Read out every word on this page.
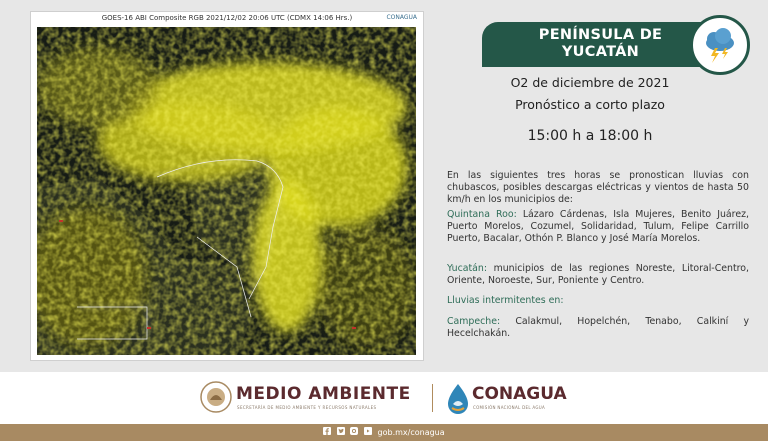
GOES-16 ABI Composite RGB 2021/12/02 20:06 UTC (CDMX 14:06 Hrs.)	CONAGUA
PENÍNSULA DE
YUCATÁN
O2 de diciembre de 2021
Pronóstico a corto plazo
15:00 h a 18:00 h
En las siguientes tres horas se pronostican lluvias con chubascos, posibles descargas eléctricas y vientos de hasta 50 km/h en los municipios de:
Quintana Roo: Lázaro Cárdenas, Isla Mujeres, Benito Juárez, Puerto Morelos, Cozumel, Solidaridad, Tulum, Felipe Carrillo Puerto, Bacalar, Othón P. Blanco y José María Morelos.
Yucatán: municipios de las regiones Noreste, Litoral-Centro, Oriente, Noroeste, Sur, Poniente y Centro.
Lluvias intermitentes en:
Campeche: Calakmul, Hopelchén, Tenabo, Calkiní y Hecelchakán.
MEDIO AMBIENTE
SECRETARÍA DE MEDIO AMBIENTE Y RECURSOS NATURALES
CONAGUA
COMISIÓN NACIONAL DEL AGUA
gob.mx/conagua
